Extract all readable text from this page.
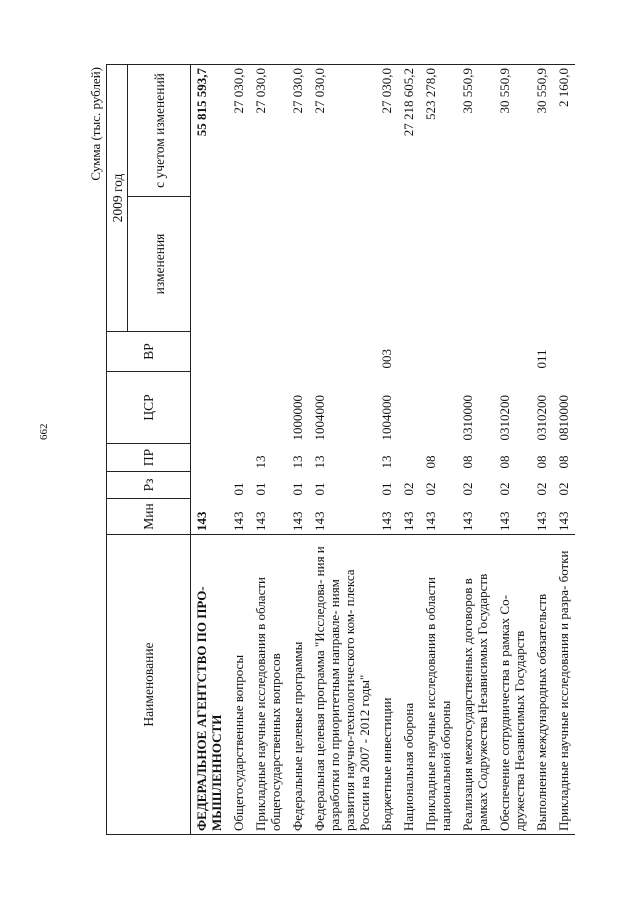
662
Сумма (тыс. рублей)
Наименование	Мин	Рз	ПР	ЦСР	ВР	2009 год	
						изменения	с учетом изменений
ФЕДЕРАЛЬНОЕ АГЕНТСТВО ПО ПРО- МЫШЛЕННОСТИ	143						55 815 593,7
Общегосударственные вопросы	143	01					27 030,0
Прикладные научные исследования в области общегосударственных вопросов	143	01	13				27 030,0
Федеральные целевые программы	143	01	13	1000000			27 030,0
Федеральная целевая программа "Исследова- ния и разработки по приоритетным направле- ниям развития научно-технологического ком- плекса России на 2007 - 2012 годы"	143	01	13	1004000			27 030,0
Бюджетные инвестиции	143	01	13	1004000	003		27 030,0
Национальная оборона	143	02					27 218 605,2
Прикладные научные исследования в области национальной обороны	143	02	08				523 278,0
Реализация межгосударственных договоров в рамках Содружества Независимых Государств	143	02	08	0310000			30 550,9
Обеспечение сотрудничества в рамках Со- дружества Независимых Государств	143	02	08	0310200			30 550,9
Выполнение международных обязательств	143	02	08	0310200	011		30 550,9
Прикладные научные исследования и разра- ботки	143	02	08	0810000			2 160,0
